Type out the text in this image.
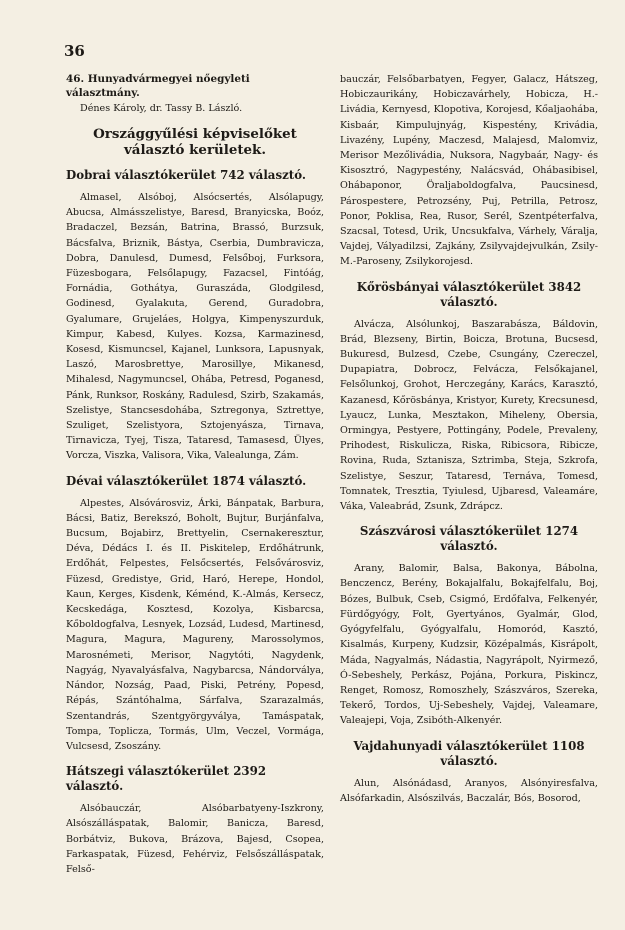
36

46. Hunyadvármegyei nőegyleti választmány.

Dénes Károly, dr. Tassy B. László.

Országgyűlési képviselőket választó kerületek.
Dobrai választókerület 742 választó.

Almasel, Alsóboj, Alsócsertés, Alsólapugy, Abucsa, Almásszelistye, Baresd, Branyicska, Boóz, Bradaczel, Bezsán, Batrina, Brassó, Burzsuk, Bácsfalva, Briznik, Bástya, Cserbia, Dumbravicza, Dobra, Danulesd, Dumesd, Felsőboj, Furksora, Füzesbogara, Felsőlapugy, Fazacsel, Fintóág, Fornádia, Gothátya, Guraszáda, Glodgilesd, Godinesd, Gyalakuta, Gerend, Guradobra, Gyalumare, Grujeláes, Holgya, Kimpenyszurduk, Kimpur, Kabesd, Kulyes. Kozsa, Karmazinesd, Kosesd, Kismuncsel, Kajanel, Lunksora, Lapusnyak, Laszó, Marosbrettye, Marosillye, Mikanesd, Mihalesd, Nagymuncsel, Ohába, Petresd, Poganesd, Pánk, Runksor, Roskány, Radulesd, Szirb, Szakamás, Szelistye, Stancsesdohába, Sztregonya, Sztrettye, Szuliget, Szelistyora, Sztojenyásza, Tirnava, Tirnavicza, Tyej, Tisza, Tataresd, Tamasesd, Ülyes, Vorcza, Viszka, Valisora, Vika, Valealunga, Zám.

Dévai választókerület 1874 választó.

Alpestes, Alsóvárosviz, Árki, Bánpatak, Barbura, Bácsi, Batiz, Berekszó, Boholt, Bujtur, Burjánfalva, Bucsum, Bojabirz, Brettyelin, Csernakeresztur, Déva, Dédács I. és II. Piskitelep, Erdőhátrunk, Erdőhát, Felpestes, Felsőcsertés, Felsővárosviz, Füzesd, Gredistye, Grid, Haró, Herepe, Hondol, Kaun, Kerges, Kisdenk, Kéménd, K.-Almás, Kersecz, Kecskedága, Kosztesd, Kozolya, Kisbarcsa, Kőboldogfalva, Lesnyek, Lozsád, Ludesd, Martinesd, Magura, Magura, Magureny, Marossolymos, Marosnémeti, Merisor, Nagytóti, Nagydenk, Nagyág, Nyavalyásfalva, Nagybarcsa, Nándorválya, Nándor, Nozság, Paad, Piski, Petrény, Popesd, Répás, Szántóhalma, Sárfalva, Szarazalmás, Szentandrás, Szentgyörgyválya, Tamáspatak, Tompa, Toplicza, Tormás, Ulm, Veczel, Vormága, Vulcsesd, Zsoszány.

Hátszegi választókerület 2392 választó.

Alsóbauczár, Alsóbarbatyeny-Iszkrony, Alsószálláspatak, Balomir, Banicza, Baresd, Borbátviz, Bukova, Brázova, Bajesd, Csopea, Farkaspatak, Füzesd, Fehérviz, Felsőszálláspatak, Felső-

bauczár, Felsőbarbatyen, Fegyer, Galacz, Hátszeg, Hobiczaurikány, Hobiczavárhely, Hobicza, H.-Livádia, Kernyesd, Klopotiva, Korojesd, Kőaljaohába, Kisbaár, Kimpulujnyág, Kispestény, Krivádia, Livazény, Lupény, Maczesd, Malajesd, Malomviz, Merisor Mezőlivádia, Nuksora, Nagybaár, Nagy- és Kisosztró, Nagypestény, Nalácsvád, Ohábasibisel, Ohábaponor, Öraljaboldogfalva, Paucsinesd, Párospestere, Petrozsény, Puj, Petrilla, Petrosz, Ponor, Poklisa, Rea, Rusor, Serél, Szentpéterfalva, Szacsal, Totesd, Urik, Uncsukfalva, Várhely, Váralja, Vajdej, Vályadilzsi, Zajkány, Zsilyvajdejvulkán, Zsily-M.-Paroseny, Zsilykorojesd.

Kőrösbányai választókerület 3842 választó.

Alváczа, Alsólunkoj, Baszarabásza, Báldovin, Brád, Blezseny, Birtin, Boicza, Brotuna, Bucsesd, Bukuresd, Bulzesd, Czebe, Csungány, Czereczel, Dupapiatra, Dobrocz, Felváczа, Felsőkajanel, Felsőlunkoj, Grohot, Herczegány, Karács, Karasztó, Kazanesd, Kőrösbánya, Kristyor, Kurety, Krecsunesd, Lyaucz, Lunka, Mesztakon, Miheleny, Obersia, Ormingya, Pestyere, Pottingány, Podele, Prevaleny, Prihodest, Riskulicza, Riska, Ribicsora, Ribicze, Rovina, Ruda, Sztanisza, Sztrimba, Steja, Szkrofa, Szelistye, Seszur, Tataresd, Ternáva, Tomesd, Tomnatek, Tresztia, Tyiulesd, Ujbaresd, Valeamáre, Váka, Valeabrád, Zsunk, Zdrápcz.

Szászvárosi választókerület 1274 választó.

Arany, Balomir, Balsa, Bakonya, Bábolna, Benczencz, Berény, Bokajalfalu, Bokajfelfalu, Boj, Bózes, Bulbuk, Cseb, Csigmó, Erdőfalva, Felkenyér, Fürdőgyógy, Folt, Gyertyános, Gyalmár, Glod, Gyógyfelfalu, Gyógyalfalu, Homoród, Kasztó, Kisalmás, Kurpeny, Kudzsir, Középalmás, Kisrápolt, Máda, Nagyalmás, Nádastia, Nagyrápolt, Nyirmező, Ó-Sebeshely, Perkász, Pojána, Porkura, Piskincz, Renget, Romosz, Romoszhely, Szászváros, Szereka, Tekerő, Tordos, Uj-Sebeshely, Vajdej, Valeamare, Valeajepi, Voja, Zsibóth-Alkenyér.

Vajdahunyadi választókerület 1108 választó.

Alun, Alsónádasd, Aranyos, Alsónyiresfalva, Alsófarkadin, Alsószilvás, Baczalár, Bós, Bosorod,
